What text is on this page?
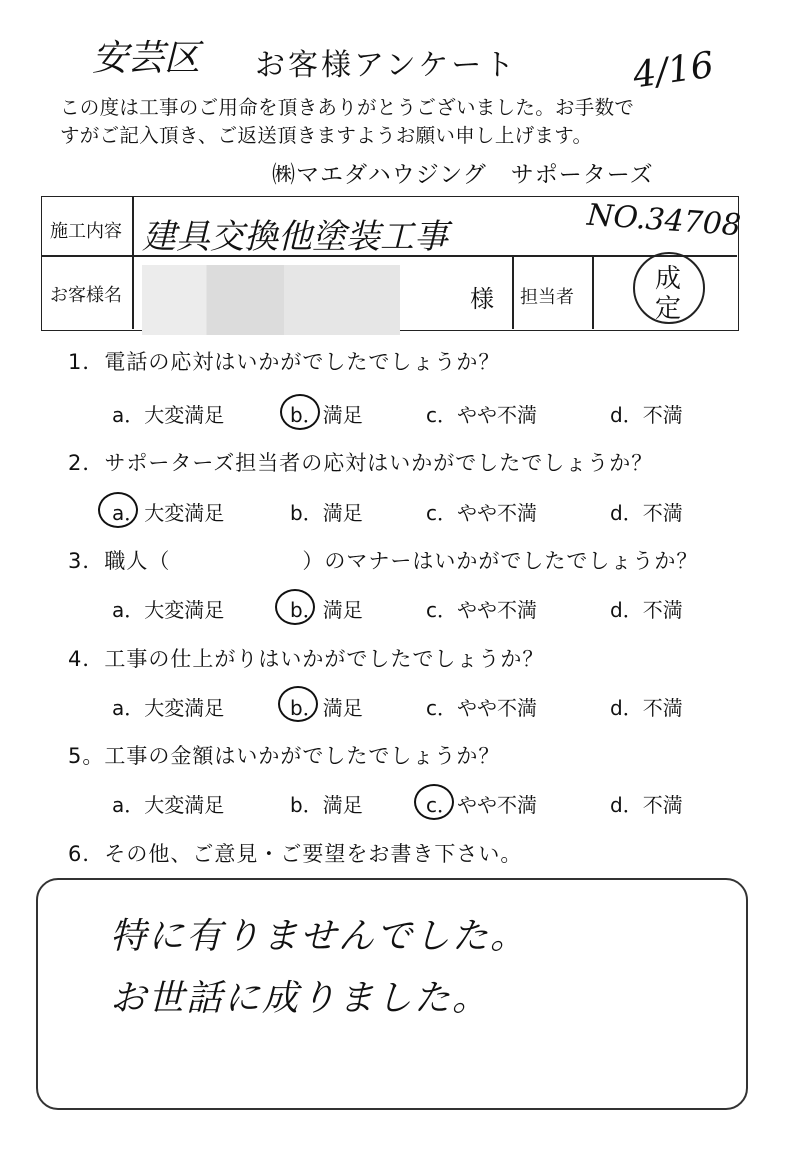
安芸区 お客様アンケート	4/16
この度は工事のご用命を頂きありがとうございました。お手数で
すがご記入頂き、ご返送頂きますようお願い申し上げます。
㈱マエダハウジング　サポーターズ
施工内容 建具交換他塗装工事	NO.34708
お客様名	様 担当者
成
定
1．電話の応対はいかがでしたでしょうか？
a．大変満足	b．満足	c．やや不満	d．不満
2．サポーターズ担当者の応対はいかがでしたでしょうか？
a．大変満足	b．満足	c．やや不満	d．不満
3．職人（　　　　　　）のマナーはいかがでしたでしょうか？
a．大変満足	b．満足	c．やや不満	d．不満
4．工事の仕上がりはいかがでしたでしょうか？
a．大変満足	b．満足	c．やや不満	d．不満
5。工事の金額はいかがでしたでしょうか？
a．大変満足	b．満足	c．やや不満	d．不満
6．その他、ご意見・ご要望をお書き下さい。
特に有りませんでした。
お世話に成りました。
